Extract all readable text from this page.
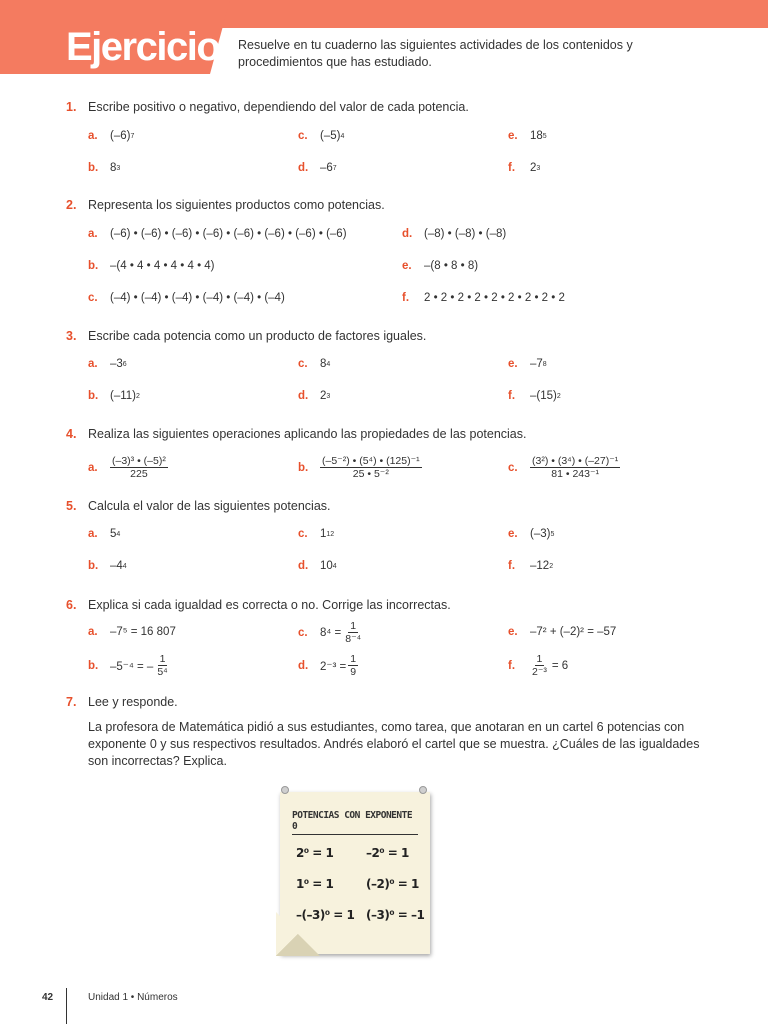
Ejercicios
Resuelve en tu cuaderno las siguientes actividades de los contenidos y procedimientos que has estudiado.
1. Escribe positivo o negativo, dependiendo del valor de cada potencia.
a.	(–6) 7	c.	(–5) 4	e.	18 5
b.	8 3	d.	–6 7	f.	2 3
2. Representa los siguientes productos como potencias.
a.	(–6) • (–6) • (–6) • (–6) • (–6) • (–6) • (–6) • (–6)	d.	(–8) • (–8) • (–8)
b.	–(4 • 4 • 4 • 4 • 4 • 4)	e.	–(8 • 8 • 8)
c.	(–4) • (–4) • (–4) • (–4) • (–4) • (–4)	f.	2 • 2 • 2 • 2 • 2 • 2 • 2 • 2 • 2
3. Escribe cada potencia como un producto de factores iguales.
a.	–3 6	c.	8 4	e.	–7 8
b.	(–11) 2	d.	2 3	f.	–(15) 2
4. Realiza las siguientes operaciones aplicando las propiedades de las potencias.
a.	$\frac{\text{(–3)³ • (–5)²}}{225}$	b.	$\frac{\text{(–5⁻²) • (5⁴) • (125)⁻¹}}{\text{25 • 5⁻²}}$	c.	$\frac{\text{(3²) • (3⁴) • (–27)⁻¹}}{\text{81 • 243⁻¹}}$
5. Calcula el valor de las siguientes potencias.
a.	5 4	c.	1 12	e.	(–3) 5
b.	–4 4	d.	10 4	f.	–12 2
6. Explica si cada igualdad es correcta o no. Corrige las incorrectas.
a.	–7⁵ = 16 807	c.	$8^4 = \frac{1}{\text{8⁻⁴}}$	e.	–7² + (–2)² = –57
b.	–5⁻⁴ = – $\frac{1}{\text{5⁴}}$	d.	$2^{-3} = \frac{1}{9}$	f.	$\frac{1}{\text{2⁻³}} = 6$
7. Lee y responde.
La profesora de Matemática pidió a sus estudiantes, como tarea, que anotaran en un cartel 6 potencias con exponente 0 y sus respectivos resultados. Andrés elaboró el cartel que se muestra. ¿Cuáles de las igualdades son incorrectas? Explica.
POTENCIAS CON EXPONENTE 0
2⁰ = 1	–2⁰ = 1
1⁰ = 1	(–2)⁰ = 1
–(–3)⁰ = 1 (–3)⁰ = –1
42	Unidad 1 • Números
